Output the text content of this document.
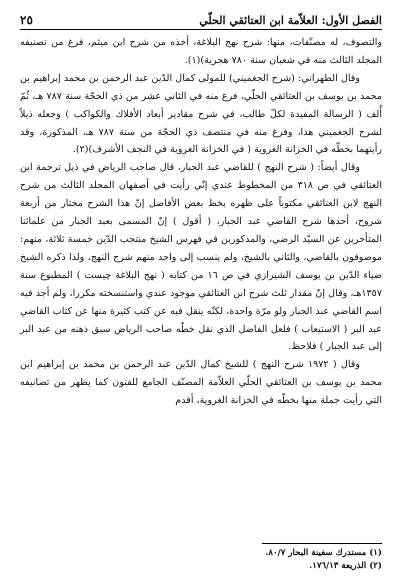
الفصل الأول: العلاّمة ابن العتائقي الحلّي
٢٥

والتصوف، له مصنّفات، منها: شرح نهج البلاغة، أخذه من شرح ابن ميثم، فرغ من تصنيفه المجلد الثالث منه في شعبان سنة ٧٨٠ هجرية)(١).

وقال الطهراني: (شرح الجغميني) للمولى كمال الدّين عبد الرحمن بن محمد إبراهيم بن محمد بن يوسف بن العتائقي الحلّي، فرغ منه في الثاني عشر من ذي الحجّة سنة ٧٨٧ هـ، ثُمّ أُلف ( الرسالة المفيدة لكلّ طالب، في شرح مقادير أبعاد الأفلاك والكواكب ) وجعله ذيلاً لشرح الجغميني هذا، وفرغ منه في منتصف ذي الحجّة من سنة ٧٨٧ هـ، المذكورة، وقد رأيتهما بخطّه في الخزانة الغروية ( في الخزانة الغروية في النجف الأشرف)(٢).

وقال أيضاً: ( شرح النهج ) للقاضي عبد الجبار، قال صاحب الرياض في ذيل ترجمة ابن العتائقي في ص ٣١٨ من المخطوط عندي إنّي رأيت في أصفهان المجلد الثالث من شرح النهج لابن العتائقي مكتوباً على ظهره بخط بعض الأفاضل إنّ هذا الشرح مختار من أربعة شروح، أحدها شرح القاضي عبد الجبار، ( أقول ) إنّ المسمى بعبد الجبار من علمائنا المتأخرين عن السيّد الرضي، والمذكورين في فهرس الشيخ منتجب الدّين خمسة ثلاثة، منهم: موصوفون بالقاضي، والثاني بالشيخ، ولم ينسب إلى واحد منهم شرح النهج، ولذا ذكره الشيخ ضياء الدّين بن يوسف الشيرازي في ص ١٦ من كتابه ( نهج البلاغة چيست ) المطبوع سنة ١٣٥٧هـ، وقال إنّ مقدار ثلث شرح ابن العتائقي موجود عندي واستنسخته مكررا، ولم أجد فيه اسم القاضي عبد الجبار ولو مرّة واحدة، لكنّه ينقل فيه عن كتب كثيرة منها عن كتاب القاضي عبد البر ( الاستيعاب ) فلعل الفاضل الذي نقل خطّه صاحب الرياض سبق ذهنه من عبد البر إلى عبد الجبار ) فلاحظ.

وقال ( ١٩٧٢ شرح النهج ) للشيخ كمال الدّين عبد الرحمن بن محمد بن إبراهيم ابن محمد بن يوسف بن العتائقي الحلّي العلاّمة المصنّف الجامع للفنون كما يظهر من تصانيفه التي رأيت جملة منها بخطّه في الخزانة الغروية، أقدم

(١) مستدرك سفينة البحار ٨٠/٧.
(٢) الذريعة ١٧٦/١٣.
